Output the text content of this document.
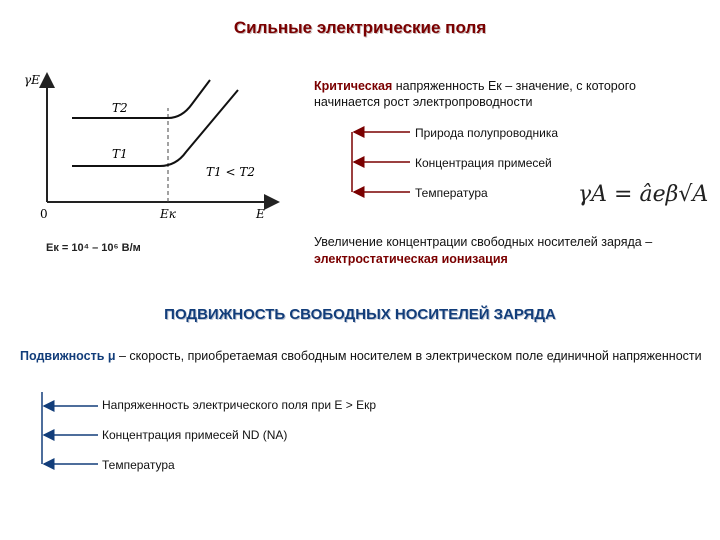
Сильные электрические поля
γE
0	E
Eк
T2
T1
T1 < T2
Критическая напряженность Eк – значение, с которого начинается рост электропроводности
Природа полупроводника
Концентрация примесей
Температура	γA = âeβ√A
Eк = 10⁴ – 10⁶ В/м	Увеличение концентрации свободных носителей заряда –
электростатическая ионизация
ПОДВИЖНОСТЬ СВОБОДНЫХ НОСИТЕЛЕЙ ЗАРЯДА
Подвижность μ – скорость, приобретаемая свободным носителем в электрическом поле единичной напряженности
Напряженность электрического поля при E > Eкр
Концентрация примесей ND (NA)
Температура
